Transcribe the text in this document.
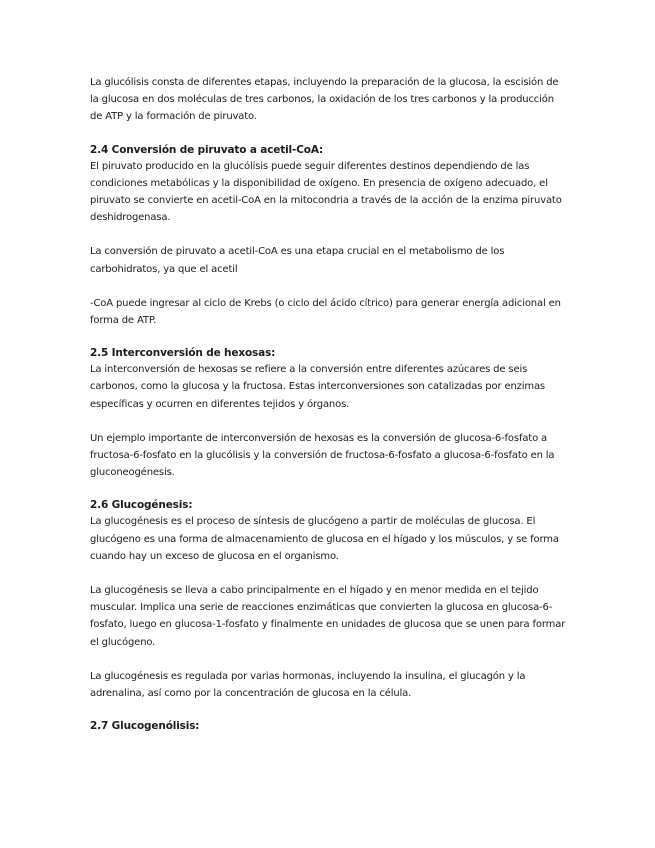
La glucólisis consta de diferentes etapas, incluyendo la preparación de la glucosa, la escisión de la glucosa en dos moléculas de tres carbonos, la oxidación de los tres carbonos y la producción de ATP y la formación de piruvato.

2.4 Conversión de piruvato a acetil-CoA:

El piruvato producido en la glucólisis puede seguir diferentes destinos dependiendo de las condiciones metabólicas y la disponibilidad de oxígeno. En presencia de oxígeno adecuado, el piruvato se convierte en acetil-CoA en la mitocondria a través de la acción de la enzima piruvato deshidrogenasa.

La conversión de piruvato a acetil-CoA es una etapa crucial en el metabolismo de los carbohidratos, ya que el acetil

-CoA puede ingresar al ciclo de Krebs (o ciclo del ácido cítrico) para generar energía adicional en forma de ATP.

2.5 Interconversión de hexosas:

La interconversión de hexosas se refiere a la conversión entre diferentes azúcares de seis carbonos, como la glucosa y la fructosa. Estas interconversiones son catalizadas por enzimas específicas y ocurren en diferentes tejidos y órganos.

Un ejemplo importante de interconversión de hexosas es la conversión de glucosa-6-fosfato a fructosa-6-fosfato en la glucólisis y la conversión de fructosa-6-fosfato a glucosa-6-fosfato en la gluconeogénesis.

2.6 Glucogénesis:

La glucogénesis es el proceso de síntesis de glucógeno a partir de moléculas de glucosa. El glucógeno es una forma de almacenamiento de glucosa en el hígado y los músculos, y se forma cuando hay un exceso de glucosa en el organismo.

La glucogénesis se lleva a cabo principalmente en el hígado y en menor medida en el tejido muscular. Implica una serie de reacciones enzimáticas que convierten la glucosa en glucosa-6-fosfato, luego en glucosa-1-fosfato y finalmente en unidades de glucosa que se unen para formar el glucógeno.

La glucogénesis es regulada por varias hormonas, incluyendo la insulina, el glucagón y la adrenalina, así como por la concentración de glucosa en la célula.

2.7 Glucogenólisis:
